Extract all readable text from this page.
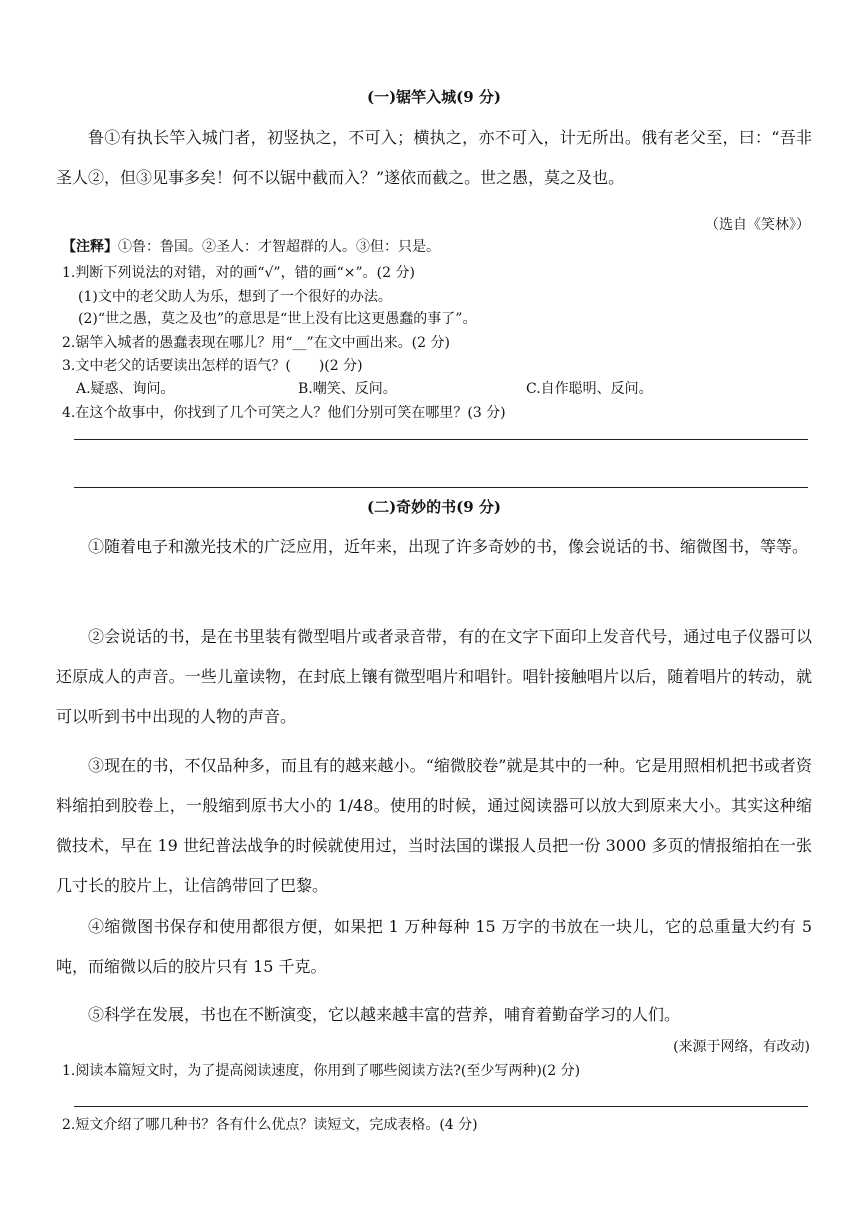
(一)锯竿入城(9 分)
鲁①有执长竿入城门者，初竖执之，不可入；横执之，亦不可入，计无所出。俄有老父至，曰：“吾非圣人②，但③见事多矣！何不以锯中截而入？”遂依而截之。世之愚，莫之及也。
（选自《笑林》）
【注释】①鲁：鲁国。②圣人：才智超群的人。③但：只是。
1.判断下列说法的对错，对的画“√”，错的画“×”。(2 分)
(1)文中的老父助人为乐，想到了一个很好的办法。
(2)“世之愚，莫之及也”的意思是“世上没有比这更愚蠢的事了”。
2.锯竿入城者的愚蠢表现在哪儿？用“__”在文中画出来。(2 分)
3.文中老父的话要读出怎样的语气？(　　)(2 分)
A.疑惑、询问。	B.嘲笑、反问。	C.自作聪明、反问。
4.在这个故事中，你找到了几个可笑之人？他们分别可笑在哪里？(3 分)
(二)奇妙的书(9 分)
①随着电子和激光技术的广泛应用，近年来，出现了许多奇妙的书，像会说话的书、缩微图书，等等。
②会说话的书，是在书里装有微型唱片或者录音带，有的在文字下面印上发音代号，通过电子仪器可以还原成人的声音。一些儿童读物，在封底上镶有微型唱片和唱针。唱针接触唱片以后，随着唱片的转动，就可以听到书中出现的人物的声音。
③现在的书，不仅品种多，而且有的越来越小。“缩微胶卷”就是其中的一种。它是用照相机把书或者资料缩拍到胶卷上，一般缩到原书大小的 1/48。使用的时候，通过阅读器可以放大到原来大小。其实这种缩微技术，早在 19 世纪普法战争的时候就使用过，当时法国的谍报人员把一份 3000 多页的情报缩拍在一张几寸长的胶片上，让信鸽带回了巴黎。
④缩微图书保存和使用都很方便，如果把 1 万种每种 15 万字的书放在一块儿，它的总重量大约有 5 吨，而缩微以后的胶片只有 15 千克。
⑤科学在发展，书也在不断演变，它以越来越丰富的营养，哺育着勤奋学习的人们。
(来源于网络，有改动)
1.阅读本篇短文时，为了提高阅读速度，你用到了哪些阅读方法?(至少写两种)(2 分)
2.短文介绍了哪几种书？各有什么优点？读短文，完成表格。(4 分)
